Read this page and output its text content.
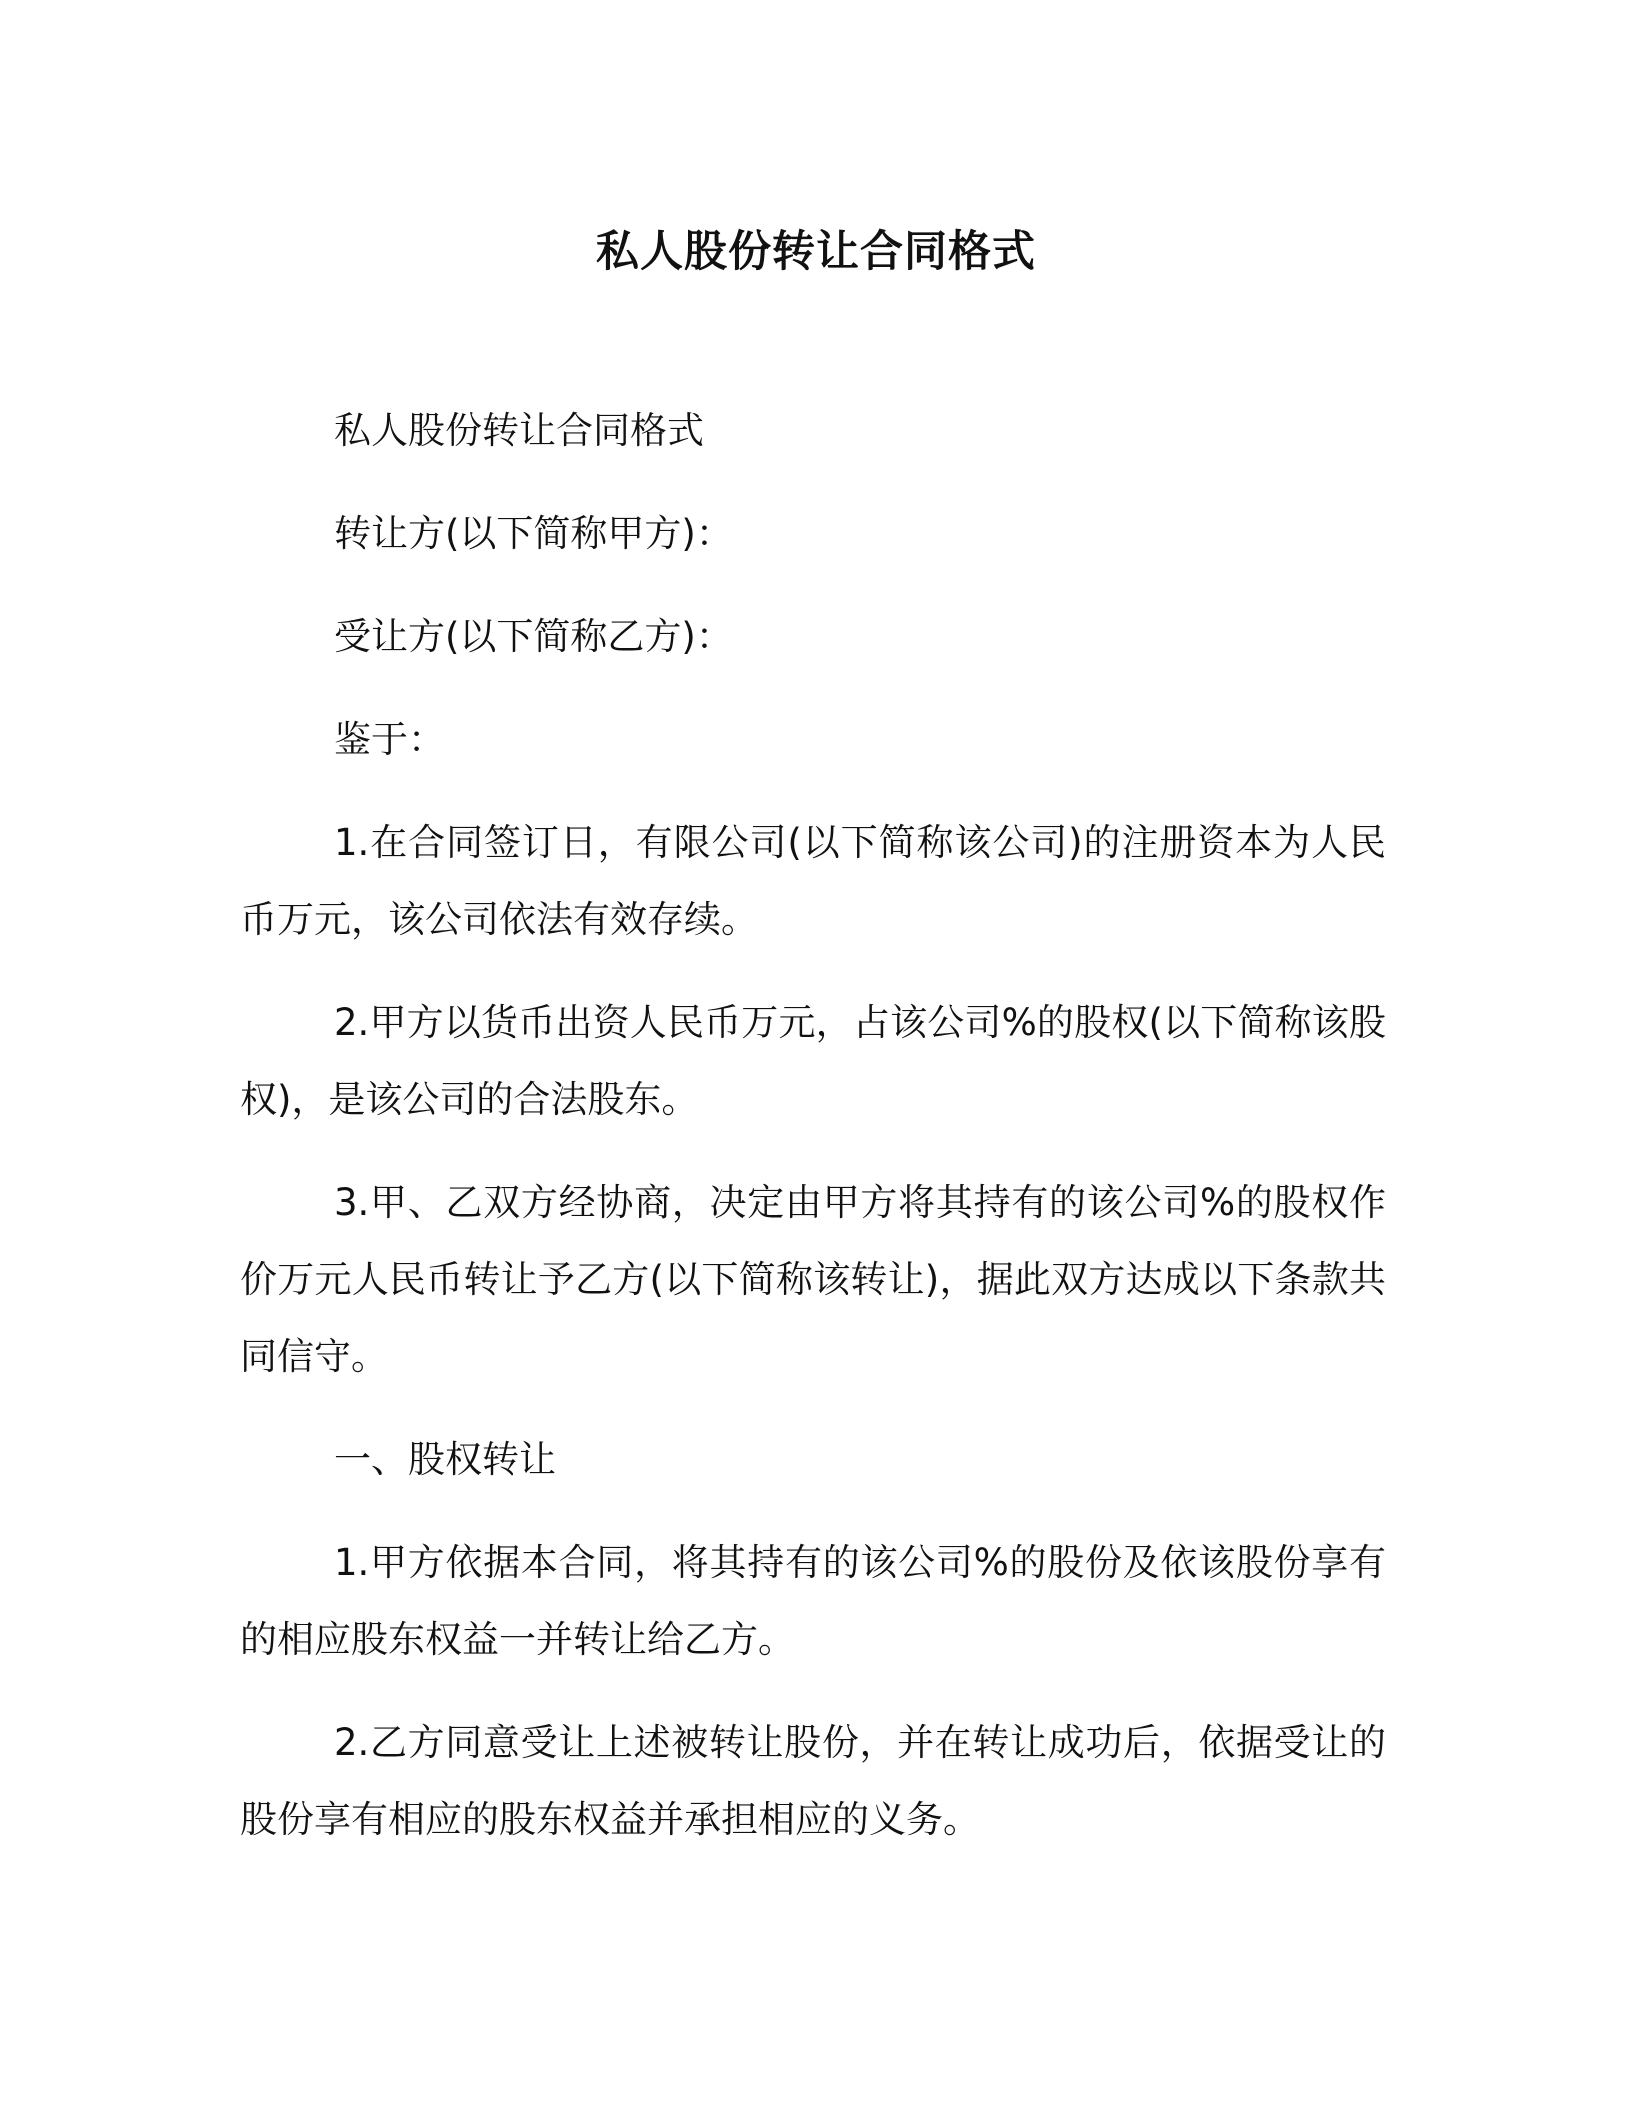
私人股份转让合同格式

私人股份转让合同格式

转让方(以下简称甲方)：

受让方(以下简称乙方)：

鉴于：

1.在合同签订日，有限公司(以下简称该公司)的注册资本为人民币万元，该公司依法有效存续。

2.甲方以货币出资人民币万元，占该公司%的股权(以下简称该股权)，是该公司的合法股东。

3.甲、乙双方经协商，决定由甲方将其持有的该公司%的股权作价万元人民币转让予乙方(以下简称该转让)，据此双方达成以下条款共同信守。

一、股权转让

1.甲方依据本合同，将其持有的该公司%的股份及依该股份享有的相应股东权益一并转让给乙方。

2.乙方同意受让上述被转让股份，并在转让成功后，依据受让的股份享有相应的股东权益并承担相应的义务。
